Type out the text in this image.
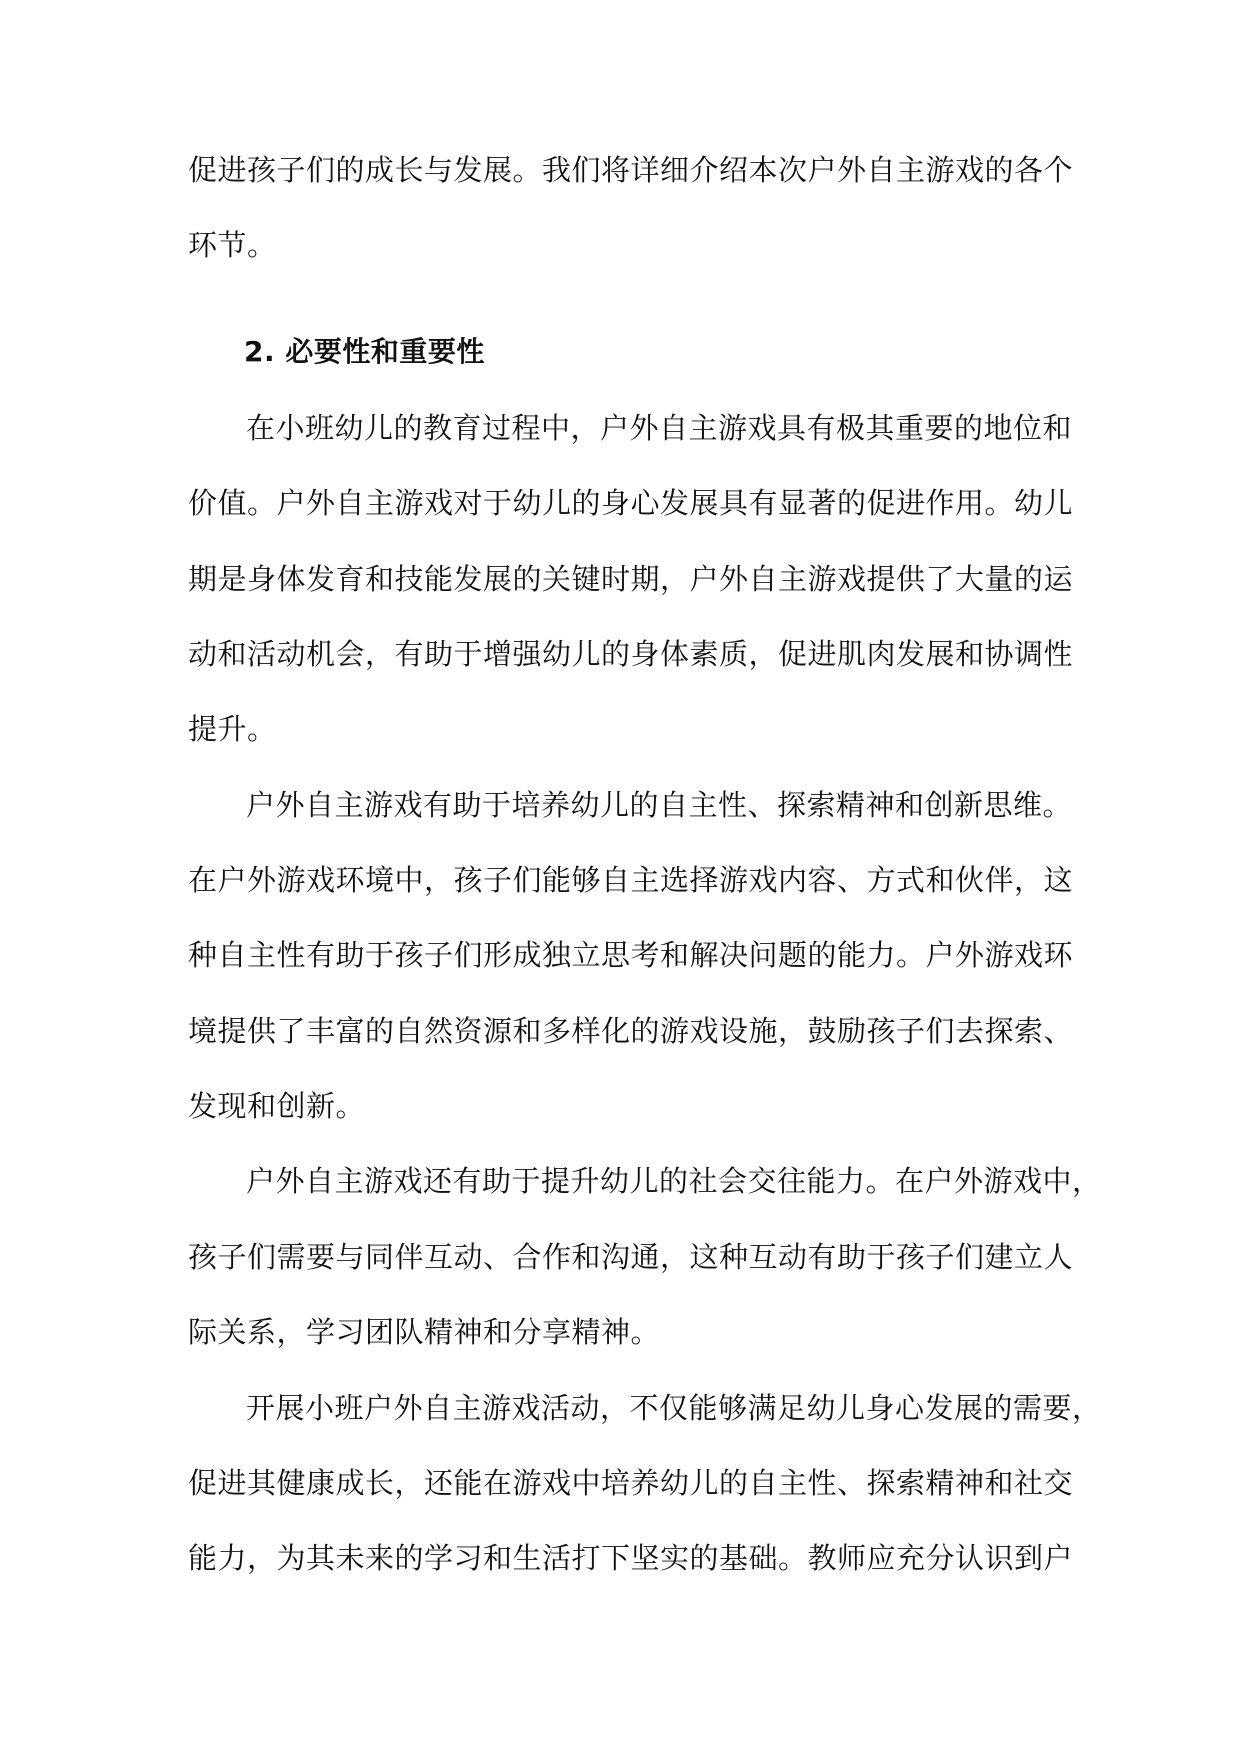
促进孩子们的成长与发展。我们将详细介绍本次户外自主游戏的各个
环节。
2. 必要性和重要性
在小班幼儿的教育过程中，户外自主游戏具有极其重要的地位和
价值。户外自主游戏对于幼儿的身心发展具有显著的促进作用。幼儿
期是身体发育和技能发展的关键时期，户外自主游戏提供了大量的运
动和活动机会，有助于增强幼儿的身体素质，促进肌肉发展和协调性
提升。
户外自主游戏有助于培养幼儿的自主性、探索精神和创新思维。
在户外游戏环境中，孩子们能够自主选择游戏内容、方式和伙伴，这
种自主性有助于孩子们形成独立思考和解决问题的能力。户外游戏环
境提供了丰富的自然资源和多样化的游戏设施，鼓励孩子们去探索、
发现和创新。
户外自主游戏还有助于提升幼儿的社会交往能力。在户外游戏中，
孩子们需要与同伴互动、合作和沟通，这种互动有助于孩子们建立人
际关系，学习团队精神和分享精神。
开展小班户外自主游戏活动，不仅能够满足幼儿身心发展的需要，
促进其健康成长，还能在游戏中培养幼儿的自主性、探索精神和社交
能力，为其未来的学习和生活打下坚实的基础。教师应充分认识到户
